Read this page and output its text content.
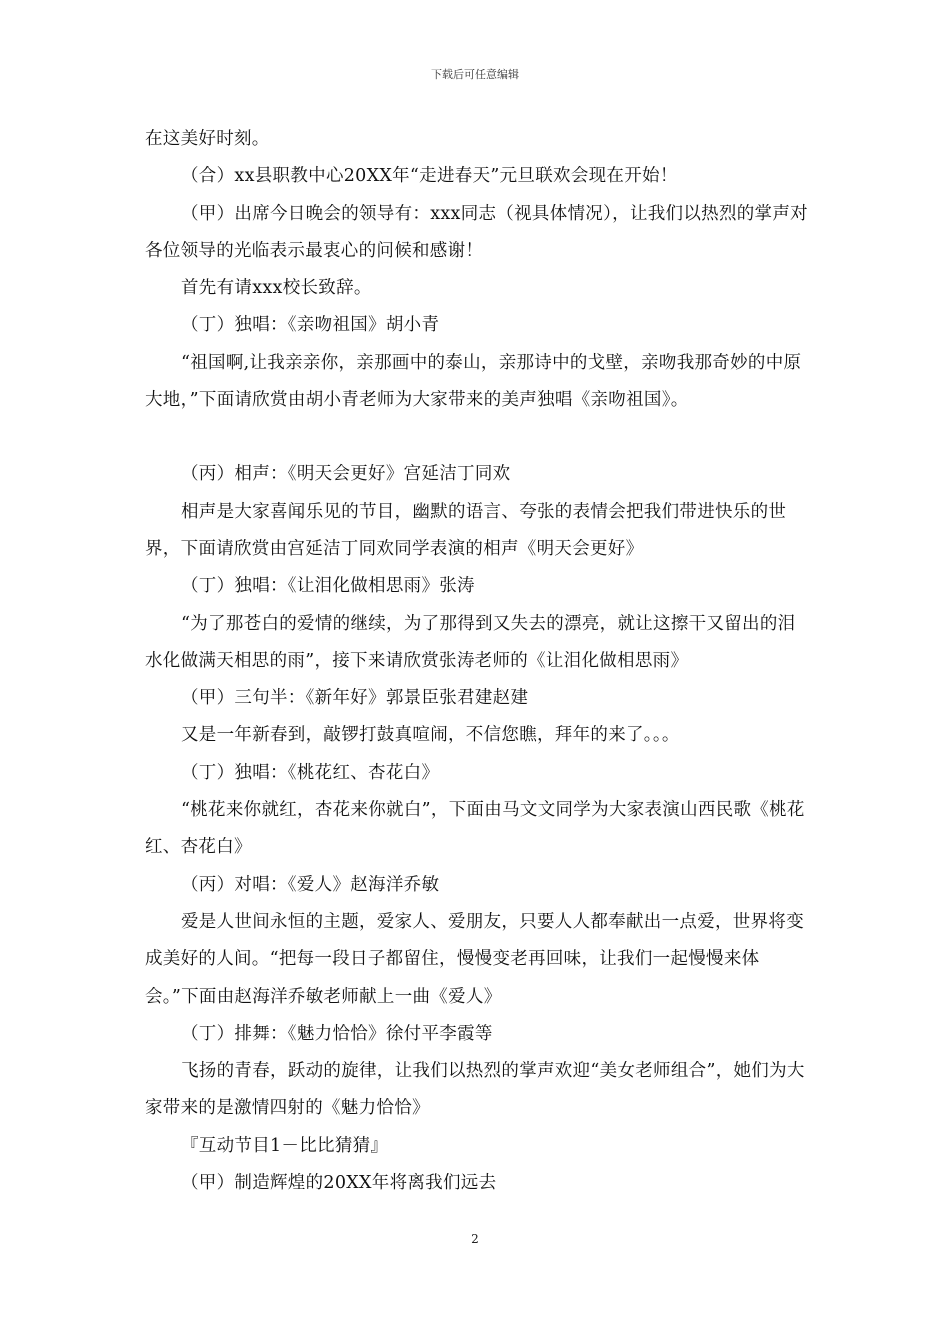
下载后可任意编辑

在这美好时刻。

（合）xx县职教中心20XX年“走进春天”元旦联欢会现在开始！

（甲）出席今日晚会的领导有：xxx同志（视具体情况），让我们以热烈的掌声对各位领导的光临表示最衷心的问候和感谢！

首先有请xxx校长致辞。

（丁）独唱：《亲吻祖国》胡小青

“祖国啊,让我亲亲你，亲那画中的泰山，亲那诗中的戈壁，亲吻我那奇妙的中原大地，”下面请欣赏由胡小青老师为大家带来的美声独唱《亲吻祖国》。

（丙）相声：《明天会更好》宫延洁丁同欢

相声是大家喜闻乐见的节目，幽默的语言、夸张的表情会把我们带进快乐的世界，下面请欣赏由宫延洁丁同欢同学表演的相声《明天会更好》

（丁）独唱：《让泪化做相思雨》张涛

“为了那苍白的爱情的继续，为了那得到又失去的漂亮，就让这擦干又留出的泪水化做满天相思的雨”，接下来请欣赏张涛老师的《让泪化做相思雨》

（甲）三句半：《新年好》郭景臣张君建赵建

又是一年新春到，敲锣打鼓真喧闹，不信您瞧，拜年的来了。。。

（丁）独唱：《桃花红、杏花白》

“桃花来你就红，杏花来你就白”，下面由马文文同学为大家表演山西民歌《桃花红、杏花白》

（丙）对唱：《爱人》赵海洋乔敏

爱是人世间永恒的主题，爱家人、爱朋友，只要人人都奉献出一点爱，世界将变成美好的人间。“把每一段日子都留住，慢慢变老再回味，让我们一起慢慢来体会。”下面由赵海洋乔敏老师献上一曲《爱人》

（丁）排舞：《魅力恰恰》徐付平李霞等

飞扬的青春，跃动的旋律，让我们以热烈的掌声欢迎“美女老师组合”，她们为大家带来的是激情四射的《魅力恰恰》

『互动节目1－比比猜猜』

（甲）制造辉煌的20XX年将离我们远去

2
